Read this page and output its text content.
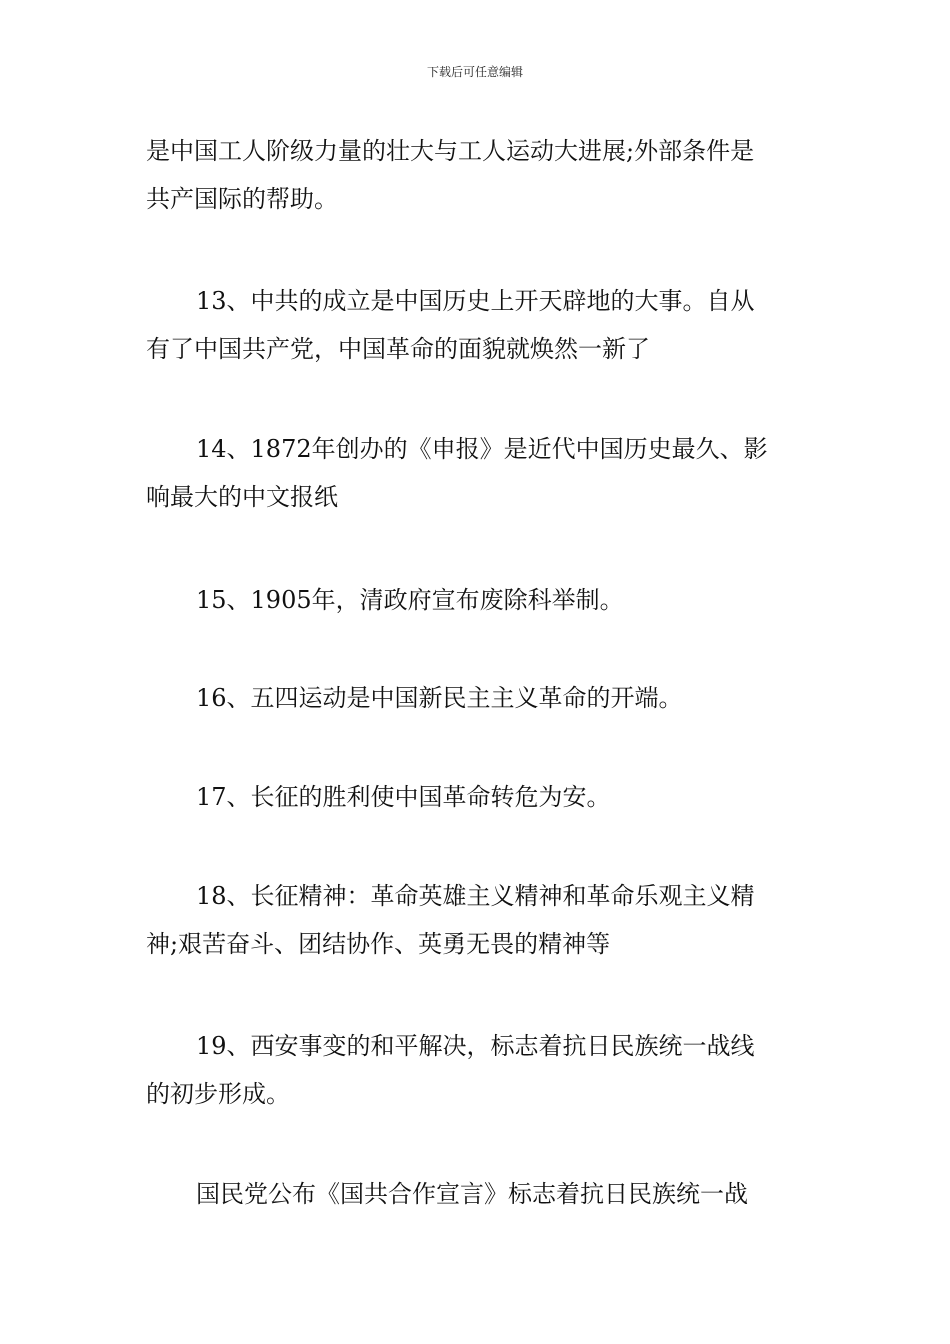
下载后可任意编辑

是中国工人阶级力量的壮大与工人运动大进展;外部条件是
共产国际的帮助。

13、中共的成立是中国历史上开天辟地的大事。自从
有了中国共产党，中国革命的面貌就焕然一新了

14、1872年创办的《申报》是近代中国历史最久、影
响最大的中文报纸

15、1905年，清政府宣布废除科举制。

16、五四运动是中国新民主主义革命的开端。

17、长征的胜利使中国革命转危为安。

18、长征精神：革命英雄主义精神和革命乐观主义精
神;艰苦奋斗、团结协作、英勇无畏的精神等

19、西安事变的和平解决，标志着抗日民族统一战线
的初步形成。

国民党公布《国共合作宣言》标志着抗日民族统一战
